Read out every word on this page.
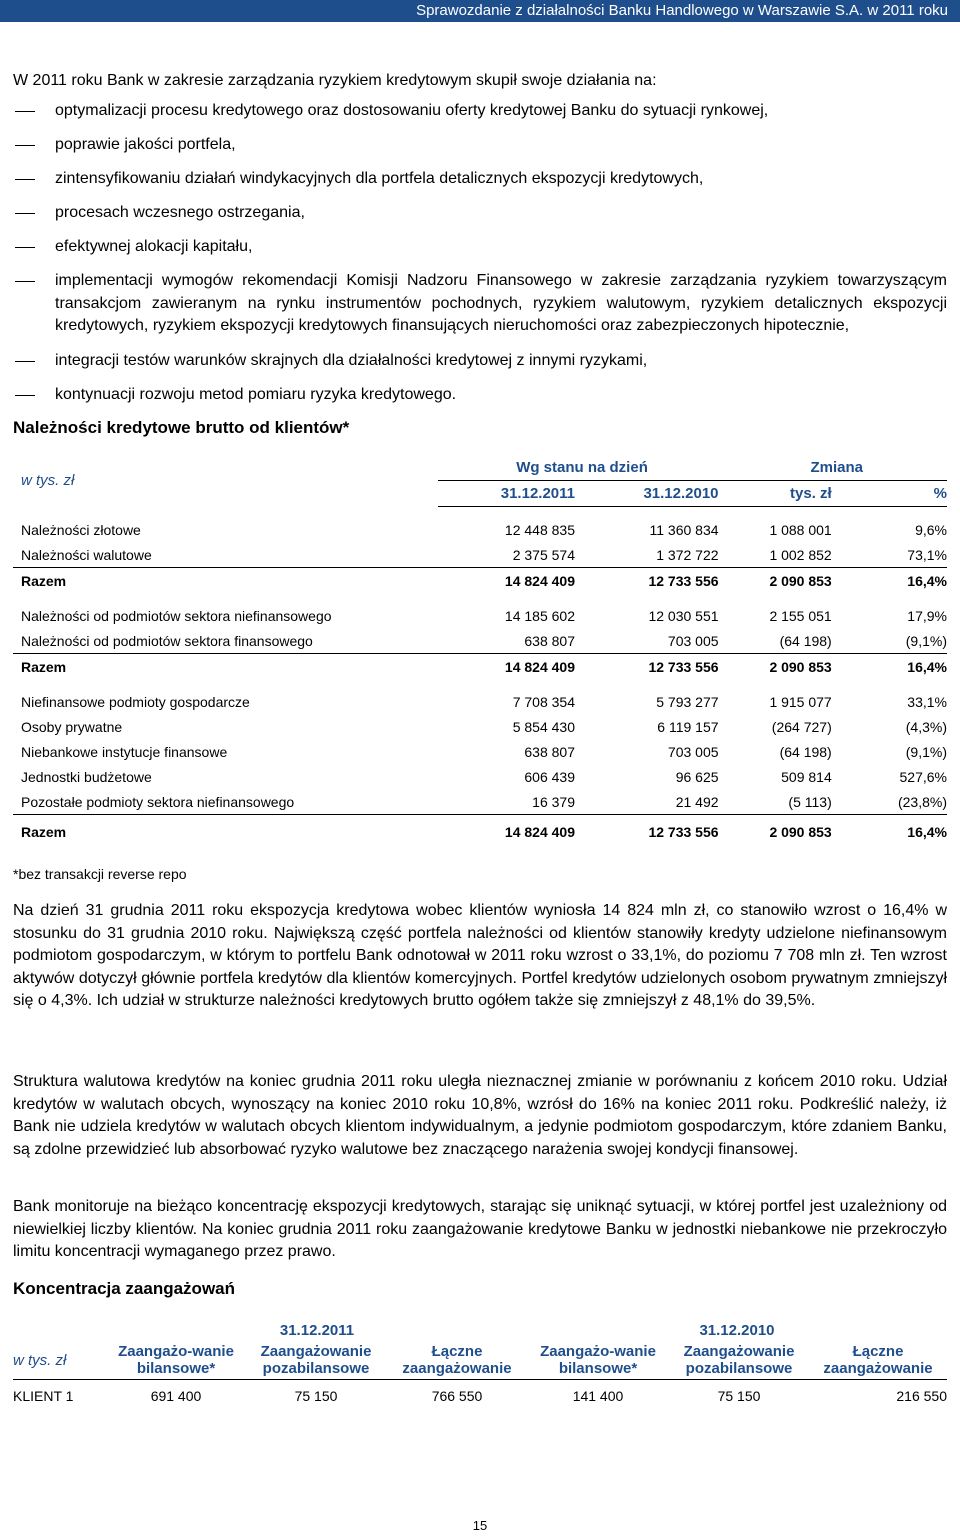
Sprawozdanie z działalności Banku Handlowego w Warszawie S.A. w 2011 roku

W 2011 roku Bank w zakresie zarządzania ryzykiem kredytowym skupił swoje działania na:

optymalizacji procesu kredytowego oraz dostosowaniu oferty kredytowej Banku do sytuacji rynkowej,
poprawie jakości portfela,
zintensyfikowaniu działań windykacyjnych dla portfela detalicznych ekspozycji kredytowych,
procesach wczesnego ostrzegania,
efektywnej alokacji kapitału,
implementacji wymogów rekomendacji Komisji Nadzoru Finansowego w zakresie zarządzania ryzykiem towarzyszącym transakcjom zawieranym na rynku instrumentów pochodnych, ryzykiem walutowym, ryzykiem detalicznych ekspozycji kredytowych, ryzykiem ekspozycji kredytowych finansujących nieruchomości oraz zabezpieczonych hipotecznie,
integracji testów warunków skrajnych dla działalności kredytowej z innymi ryzykami,
kontynuacji rozwoju metod pomiaru ryzyka kredytowego.
Należności kredytowe brutto od klientów*
w tys. zł	Wg stanu na dzień		Zmiana	
	31.12.2011	31.12.2010	tys. zł	%

Należności złotowe	12 448 835	11 360 834	1 088 001	9,6%
Należności walutowe	2 375 574	1 372 722	1 002 852	73,1%
Razem	14 824 409	12 733 556	2 090 853	16,4%

Należności od podmiotów sektora niefinansowego	14 185 602	12 030 551	2 155 051	17,9%
Należności od podmiotów sektora finansowego	638 807	703 005	(64 198)	(9,1%)
Razem	14 824 409	12 733 556	2 090 853	16,4%

Niefinansowe podmioty gospodarcze	7 708 354	5 793 277	1 915 077	33,1%
Osoby prywatne	5 854 430	6 119 157	(264 727)	(4,3%)
Niebankowe instytucje finansowe	638 807	703 005	(64 198)	(9,1%)
Jednostki budżetowe	606 439	96 625	509 814	527,6%
Pozostałe podmioty sektora niefinansowego	16 379	21 492	(5 113)	(23,8%)

Razem	14 824 409	12 733 556	2 090 853	16,4%
*bez transakcji reverse repo

Na dzień 31 grudnia 2011 roku ekspozycja kredytowa wobec klientów wyniosła 14 824 mln zł, co stanowiło wzrost o 16,4% w stosunku do 31 grudnia 2010 roku. Największą część portfela należności od klientów stanowiły kredyty udzielone niefinansowym podmiotom gospodarczym, w którym to portfelu Bank odnotował w 2011 roku wzrost o 33,1%, do poziomu 7 708 mln zł. Ten wzrost aktywów dotyczył głównie portfela kredytów dla klientów komercyjnych. Portfel kredytów udzielonych osobom prywatnym zmniejszył się o 4,3%. Ich udział w strukturze należności kredytowych brutto ogółem także się zmniejszył z 48,1% do 39,5%.

Struktura walutowa kredytów na koniec grudnia 2011 roku uległa nieznacznej zmianie w porównaniu z końcem 2010 roku. Udział kredytów w walutach obcych, wynoszący na koniec 2010 roku 10,8%, wzrósł do 16% na koniec 2011 roku. Podkreślić należy, iż Bank nie udziela kredytów w walutach obcych klientom indywidualnym, a jedynie podmiotom gospodarczym, które zdaniem Banku, są zdolne przewidzieć lub absorbować ryzyko walutowe bez znaczącego narażenia swojej kondycji finansowej.

Bank monitoruje na bieżąco koncentrację ekspozycji kredytowych, starając się uniknąć sytuacji, w której portfel jest uzależniony od niewielkiej liczby klientów. Na koniec grudnia 2011 roku zaangażowanie kredytowe Banku w jednostki niebankowe nie przekroczyło limitu koncentracji wymaganego przez prawo.

Koncentracja zaangażowań
	31.12.2011			31.12.2010		
w tys. zł	Zaangażo-wanie bilansowe*	Zaangażowanie pozabilansowe	Łączne zaangażowanie	Zaangażo-wanie bilansowe*	Zaangażowanie pozabilansowe	Łączne zaangażowanie
KLIENT 1	691 400	75 150	766 550	141 400	75 150	216 550
15
